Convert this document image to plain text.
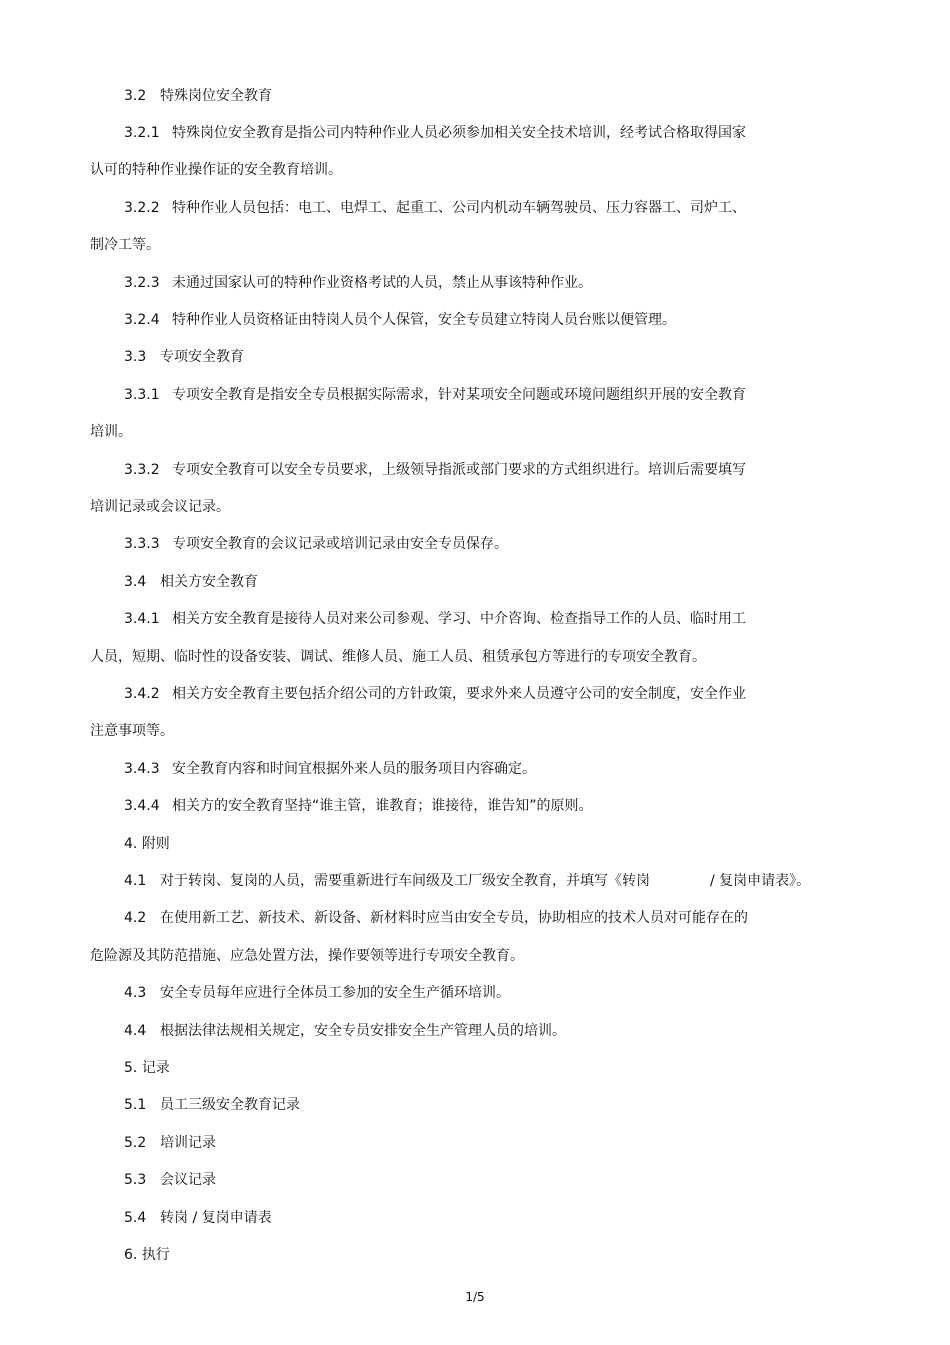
3.2 特殊岗位安全教育
3.2.1 特殊岗位安全教育是指公司内特种作业人员必须参加相关安全技术培训，经考试合格取得国家
认可的特种作业操作证的安全教育培训。
3.2.2 特种作业人员包括：电工、电焊工、起重工、公司内机动车辆驾驶员、压力容器工、司炉工、
制冷工等。
3.2.3 未通过国家认可的特种作业资格考试的人员，禁止从事该特种作业。
3.2.4 特种作业人员资格证由特岗人员个人保管，安全专员建立特岗人员台账以便管理。
3.3 专项安全教育
3.3.1 专项安全教育是指安全专员根据实际需求，针对某项安全问题或环境问题组织开展的安全教育
培训。
3.3.2 专项安全教育可以安全专员要求，上级领导指派或部门要求的方式组织进行。培训后需要填写
培训记录或会议记录。
3.3.3 专项安全教育的会议记录或培训记录由安全专员保存。
3.4 相关方安全教育
3.4.1 相关方安全教育是接待人员对来公司参观、学习、中介咨询、检查指导工作的人员、临时用工
人员，短期、临时性的设备安装、调试、维修人员、施工人员、租赁承包方等进行的专项安全教育。
3.4.2 相关方安全教育主要包括介绍公司的方针政策，要求外来人员遵守公司的安全制度，安全作业
注意事项等。
3.4.3 安全教育内容和时间宜根据外来人员的服务项目内容确定。
3.4.4 相关方的安全教育坚持“谁主管，谁教育；谁接待，谁告知”的原则。
4. 附则
4.1 对于转岗、复岗的人员，需要重新进行车间级及工厂级安全教育，并填写《转岗	/ 复岗申请表》。
4.2 在使用新工艺、新技术、新设备、新材料时应当由安全专员，协助相应的技术人员对可能存在的
危险源及其防范措施、应急处置方法，操作要领等进行专项安全教育。
4.3 安全专员每年应进行全体员工参加的安全生产循环培训。
4.4 根据法律法规相关规定，安全专员安排安全生产管理人员的培训。
5. 记录
5.1 员工三级安全教育记录
5.2 培训记录
5.3 会议记录
5.4 转岗 / 复岗申请表
6. 执行
1/5
